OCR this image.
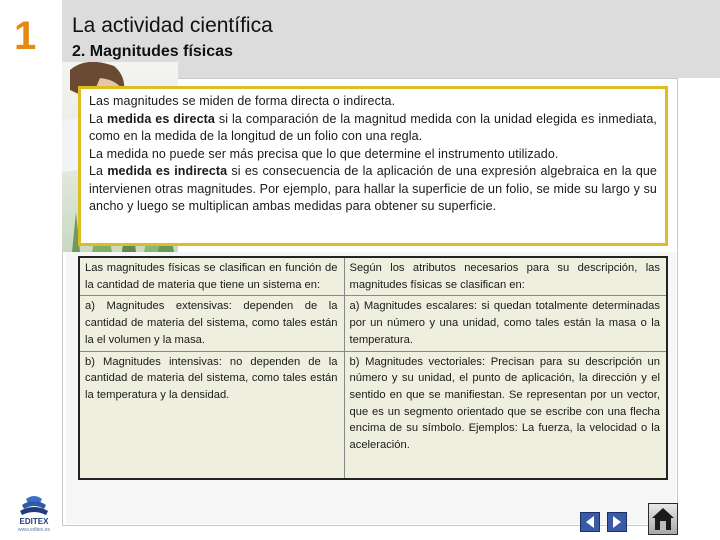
1 La actividad científica
2. Magnitudes físicas

Las magnitudes se miden de forma directa o indirecta.

La medida es directa si la comparación de la magnitud medida con la unidad elegida es inmediata, como en la medida de la longitud de un folio con una regla.

La medida no puede ser más precisa que lo que determine el instrumento utilizado.

La medida es indirecta si es consecuencia de la aplicación de una expresión algebraica en la que intervienen otras magnitudes. Por ejemplo, para hallar la superficie de un folio, se mide su largo y su ancho y luego se multiplican ambas medidas para obtener su superficie.

Las magnitudes físicas se clasifican en función de la cantidad de materia que tiene un sistema en:	Según los atributos necesarios para su descripción, las magnitudes físicas se clasifican en:
a) Magnitudes extensivas: dependen de la cantidad de materia del sistema, como tales están la el volumen y la masa.	a) Magnitudes escalares: si quedan totalmente determinadas por un número y una unidad, como tales están la masa o la temperatura.
b) Magnitudes intensivas: no dependen de la cantidad de materia del sistema, como tales están la temperatura y la densidad.	b) Magnitudes vectoriales: Precisan para su descripción un número y su unidad, el punto de aplicación, la dirección y el sentido en que se manifiestan. Se representan por un vector, que es un segmento orientado que se escribe con una flecha encima de su símbolo. Ejemplos: La fuerza, la velocidad o la aceleración.
EDITEX
www.editex.es
